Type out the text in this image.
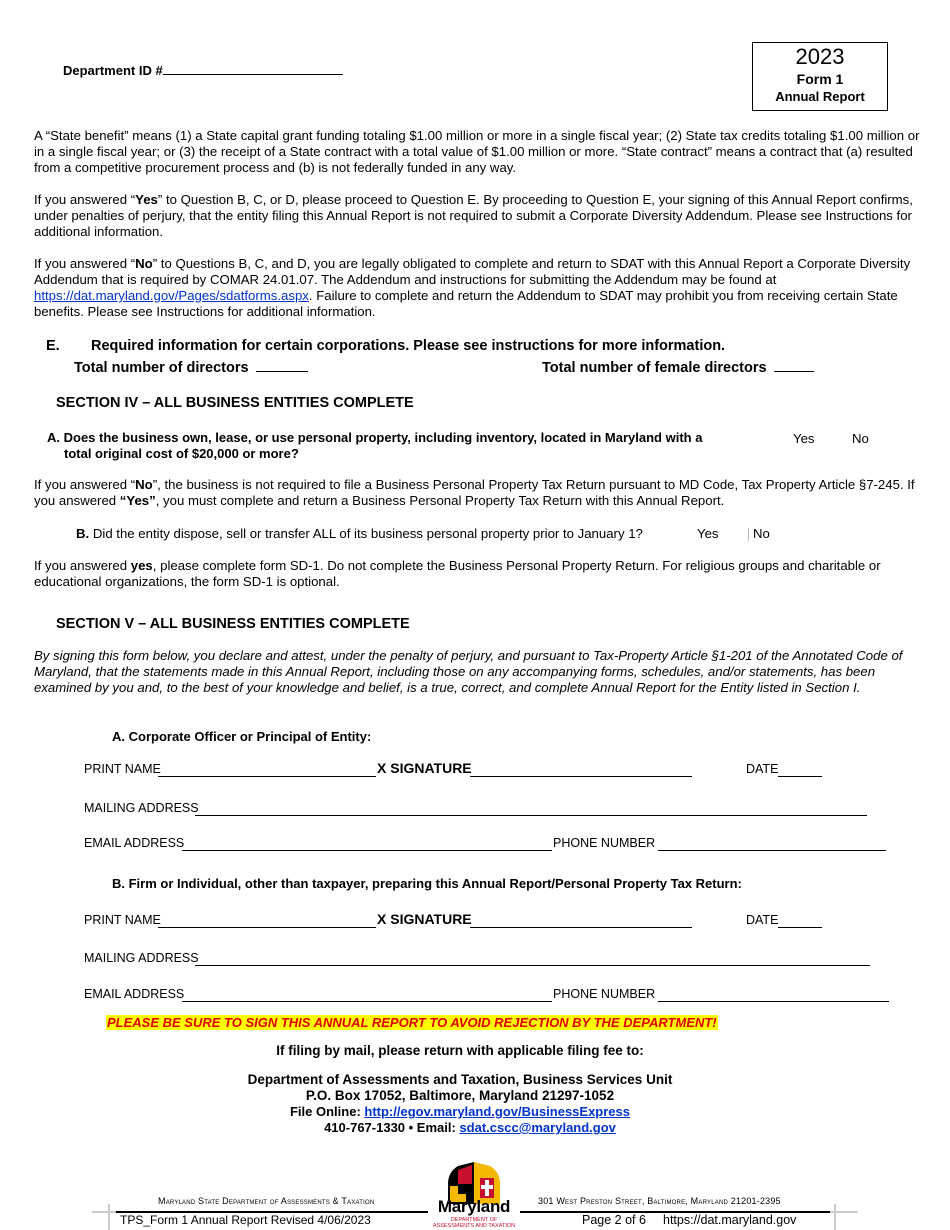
Department ID #
2023
Form 1
Annual Report
A “State benefit” means (1) a State capital grant funding totaling $1.00 million or more in a single fiscal year; (2) State tax credits totaling $1.00 million or in a single fiscal year; or (3) the receipt of a State contract with a total value of $1.00 million or more. “State contract” means a contract that (a) resulted from a competitive procurement process and (b) is not federally funded in any way.
If you answered “Yes” to Question B, C, or D, please proceed to Question E. By proceeding to Question E, your signing of this Annual Report confirms, under penalties of perjury, that the entity filing this Annual Report is not required to submit a Corporate Diversity Addendum. Please see Instructions for additional information.
If you answered “No” to Questions B, C, and D, you are legally obligated to complete and return to SDAT with this Annual Report a Corporate Diversity Addendum that is required by COMAR 24.01.07. The Addendum and instructions for submitting the Addendum may be found at https://dat.maryland.gov/Pages/sdatforms.aspx. Failure to complete and return the Addendum to SDAT may prohibit you from receiving certain State benefits. Please see Instructions for additional information.
E. Required information for certain corporations. Please see instructions for more information.
Total number of directors	Total number of female directors
SECTION IV – ALL BUSINESS ENTITIES COMPLETE
A. Does the business own, lease, or use personal property, including inventory, located in Maryland with a
total original cost of $20,000 or more?
Yes	No
If you answered “No”, the business is not required to file a Business Personal Property Tax Return pursuant to MD Code, Tax Property Article §7-245. If you answered “Yes”, you must complete and return a Business Personal Property Tax Return with this Annual Report.
B. Did the entity dispose, sell or transfer ALL of its business personal property prior to January 1?	Yes	No
If you answered yes, please complete form SD-1. Do not complete the Business Personal Property Return. For religious groups and charitable or educational organizations, the form SD-1 is optional.
SECTION V – ALL BUSINESS ENTITIES COMPLETE
By signing this form below, you declare and attest, under the penalty of perjury, and pursuant to Tax-Property Article §1-201 of the Annotated Code of Maryland, that the statements made in this Annual Report, including those on any accompanying forms, schedules, and/or statements, has been examined by you and, to the best of your knowledge and belief, is a true, correct, and complete Annual Report for the Entity listed in Section I.
A. Corporate Officer or Principal of Entity:
PRINT NAME	X SIGNATURE	DATE
MAILING ADDRESS
EMAIL ADDRESS	PHONE NUMBER
B. Firm or Individual, other than taxpayer, preparing this Annual Report/Personal Property Tax Return:
PRINT NAME	X SIGNATURE	DATE
MAILING ADDRESS
EMAIL ADDRESS	PHONE NUMBER
PLEASE BE SURE TO SIGN THIS ANNUAL REPORT TO AVOID REJECTION BY THE DEPARTMENT!
If filing by mail, please return with applicable filing fee to:
Department of Assessments and Taxation, Business Services Unit
P.O. Box 17052, Baltimore, Maryland 21297-1052
File Online: http://egov.maryland.gov/BusinessExpress
410-767-1330 • Email: sdat.cscc@maryland.gov
Maryland State Department of Assessments & Taxation	301 West Preston Street, Baltimore, Maryland 21201-2395
Maryland
DEPARTMENT OF
ASSESSMENTS AND TAXATION
TPS_Form 1 Annual Report Revised 4/06/2023	Page 2 of 6 https://dat.maryland.gov
